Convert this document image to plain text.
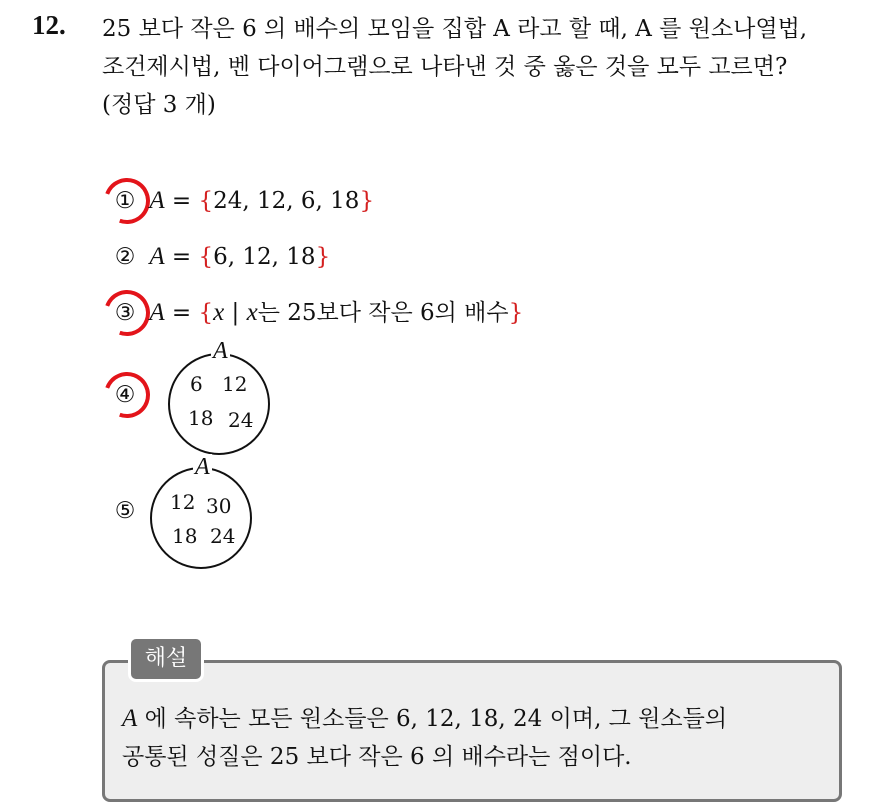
12. 25 보다 작은 6 의 배수의 모임을 집합 A 라고 할 때, A 를 원소나열법,
조건제시법, 벤 다이어그램으로 나타낸 것 중 옳은 것을 모두 고르면?
(정답 3 개)
① A = {24, 12, 6, 18}
② A = {6, 12, 18}
③ A = {x | x는 25보다 작은 6의 배수}
④
A
6 12
18 24
⑤
A
12 30
18 24
해설
A 에 속하는 모든 원소들은 6, 12, 18, 24 이며, 그 원소들의
공통된 성질은 25 보다 작은 6 의 배수라는 점이다.
